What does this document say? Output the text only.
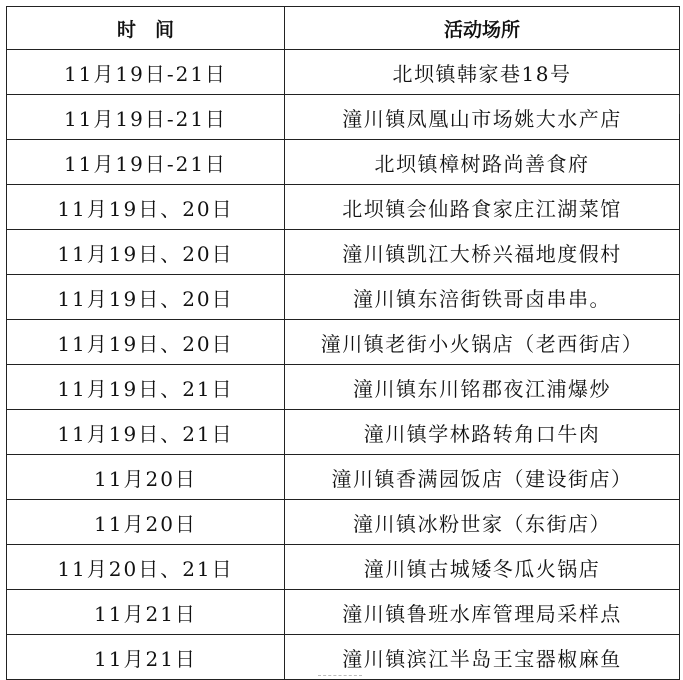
时　间	活动场所
11月19日-21日	北坝镇韩家巷18号
11月19日-21日	潼川镇凤凰山市场姚大水产店
11月19日-21日	北坝镇樟树路尚善食府
11月19日、20日	北坝镇会仙路食家庄江湖菜馆
11月19日、20日	潼川镇凯江大桥兴福地度假村
11月19日、20日	潼川镇东涪街铁哥卤串串。
11月19日、20日	潼川镇老街小火锅店（老西街店）
11月19日、21日	潼川镇东川铭郡夜江浦爆炒
11月19日、21日	潼川镇学林路转角口牛肉
11月20日	潼川镇香满园饭店（建设街店）
11月20日	潼川镇冰粉世家（东街店）
11月20日、21日	潼川镇古城矮冬瓜火锅店
11月21日	潼川镇鲁班水库管理局采样点
11月21日	潼川镇滨江半岛王宝器椒麻鱼
